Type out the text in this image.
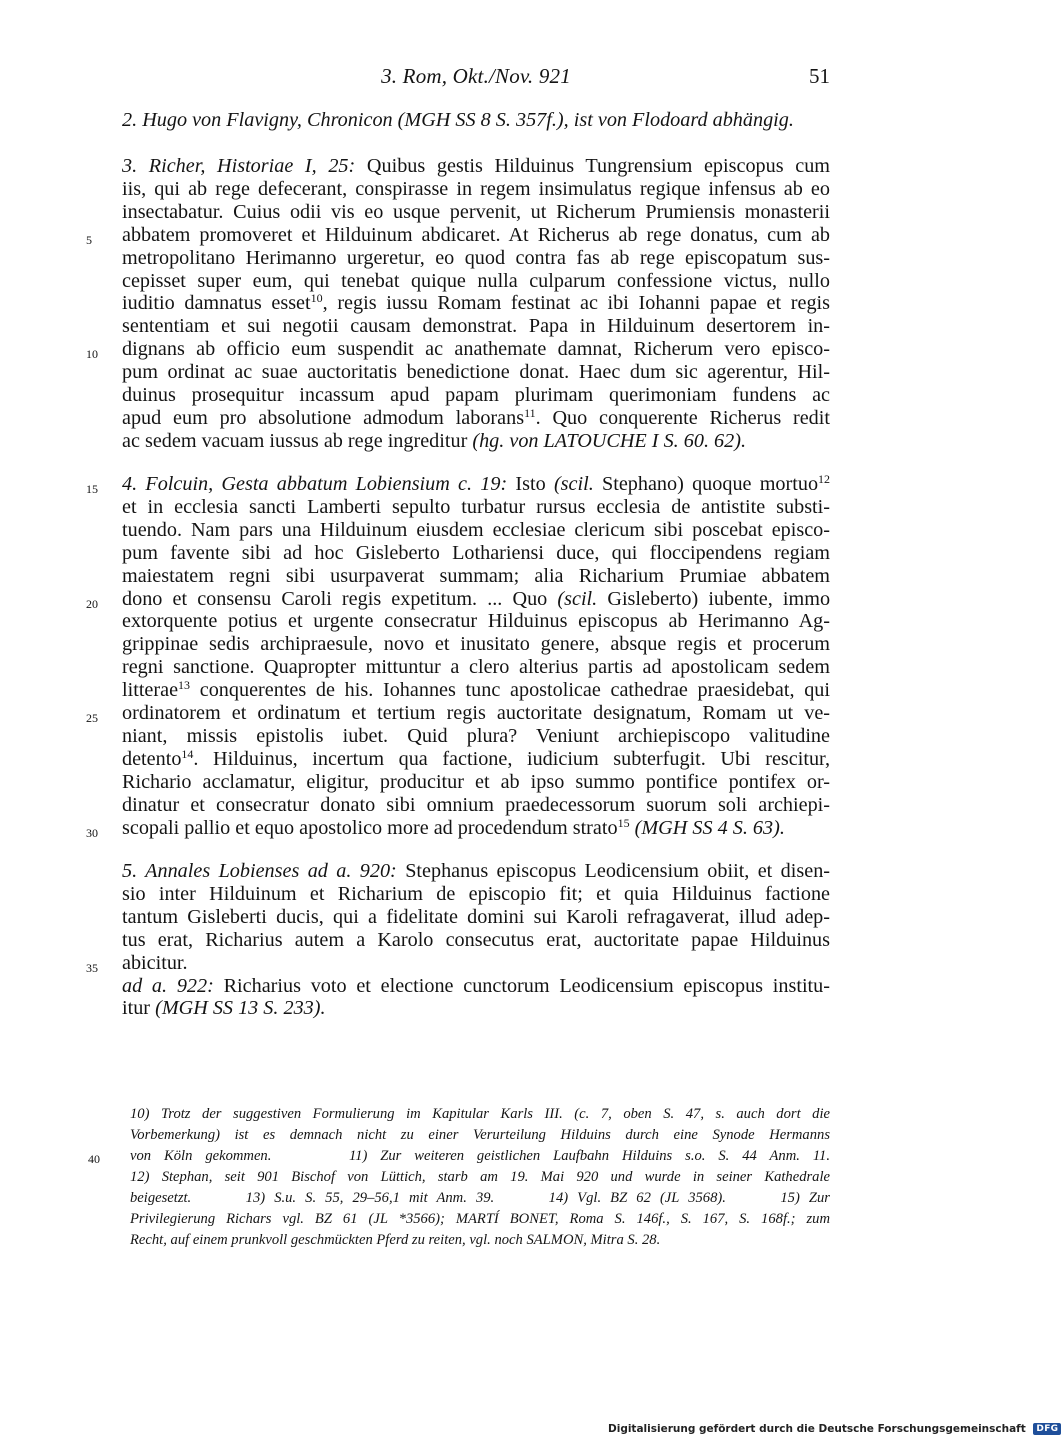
3. Rom, Okt./Nov. 921	51
2. Hugo von Flavigny, Chronicon (MGH SS 8 S. 357f.), ist von Flodoard abhängig.
3. Richer, Historiae I, 25: Quibus gestis Hilduinus Tungrensium episcopus cum
iis, qui ab rege defecerant, conspirasse in regem insimulatus regique infensus ab eo
insectabatur. Cuius odii vis eo usque pervenit, ut Richerum Prumiensis monasterii
5	abbatem promoveret et Hilduinum abdicaret. At Richerus ab rege donatus, cum ab
metropolitano Herimanno urgeretur, eo quod contra fas ab rege episcopatum sus-
cepisset super eum, qui tenebat quique nulla culparum confessione victus, nullo
iuditio damnatus esset$^{10}$, regis iussu Romam festinat ac ibi Iohanni papae et regis
sententiam et sui negotii causam demonstrat. Papa in Hilduinum desertorem in-
10	dignans ab officio eum suspendit ac anathemate damnat, Richerum vero episco-
pum ordinat ac suae auctoritatis benedictione donat. Haec dum sic agerentur, Hil-
duinus prosequitur incassum apud papam plurimam querimoniam fundens ac
apud eum pro absolutione admodum laborans$^{11}$. Quo conquerente Richerus redit
ac sedem vacuam iussus ab rege ingreditur (hg. von LATOUCHE I S. 60. 62).
15	4. Folcuin, Gesta abbatum Lobiensium c. 19: Isto (scil. Stephano) quoque mortuo$^{12}$
et in ecclesia sancti Lamberti sepulto turbatur rursus ecclesia de antistite substi-
tuendo. Nam pars una Hilduinum eiusdem ecclesiae clericum sibi poscebat episco-
pum favente sibi ad hoc Gisleberto Lothariensi duce, qui floccipendens regiam
maiestatem regni sibi usurpaverat summam; alia Richarium Prumiae abbatem
20	dono et consensu Caroli regis expetitum. ... Quo (scil. Gisleberto) iubente, immo
extorquente potius et urgente consecratur Hilduinus episcopus ab Herimanno Ag-
grippinae sedis archipraesule, novo et inusitato genere, absque regis et procerum
regni sanctione. Quapropter mittuntur a clero alterius partis ad apostolicam sedem
litterae$^{13}$ conquerentes de his. Iohannes tunc apostolicae cathedrae praesidebat, qui
25	ordinatorem et ordinatum et tertium regis auctoritate designatum, Romam ut ve-
niant, missis epistolis iubet. Quid plura? Veniunt archiepiscopo valitudine
detento$^{14}$. Hilduinus, incertum qua factione, iudicium subterfugit. Ubi rescitur,
Richario acclamatur, eligitur, producitur et ab ipso summo pontifice pontifex or-
dinatur et consecratur donato sibi omnium praedecessorum suorum soli archiepi-
30	scopali pallio et equo apostolico more ad procedendum strato$^{15}$ (MGH SS 4 S. 63).
5. Annales Lobienses ad a. 920: Stephanus episcopus Leodicensium obiit, et disen-
sio inter Hilduinum et Richarium de episcopio fit; et quia Hilduinus factione
tantum Gisleberti ducis, qui a fidelitate domini sui Karoli refragaverat, illud adep-
tus erat, Richarius autem a Karolo consecutus erat, auctoritate papae Hilduinus
35	abicitur.
ad a. 922: Richarius voto et electione cunctorum Leodicensium episcopus institu-
itur (MGH SS 13 S. 233).
10) Trotz der suggestiven Formulierung im Kapitular Karls III. (c. 7, oben S. 47, s. auch dort die
Vorbemerkung) ist es demnach nicht zu einer Verurteilung Hilduins durch eine Synode Hermanns
40	von Köln gekommen.      11) Zur weiteren geistlichen Laufbahn Hilduins s.o. S. 44 Anm. 11.
12) Stephan, seit 901 Bischof von Lüttich, starb am 19. Mai 920 und wurde in seiner Kathedrale
beigesetzt.      13) S.u. S. 55, 29–56,1 mit Anm. 39.      14) Vgl. BZ 62 (JL 3568).      15) Zur
Privilegierung Richars vgl. BZ 61 (JL *3566); MARTÍ BONET, Roma S. 146f., S. 167, S. 168f.; zum
Recht, auf einem prunkvoll geschmückten Pferd zu reiten, vgl. noch SALMON, Mitra S. 28.
Digitalisierung gefördert durch die Deutsche Forschungsgemeinschaft DFG
